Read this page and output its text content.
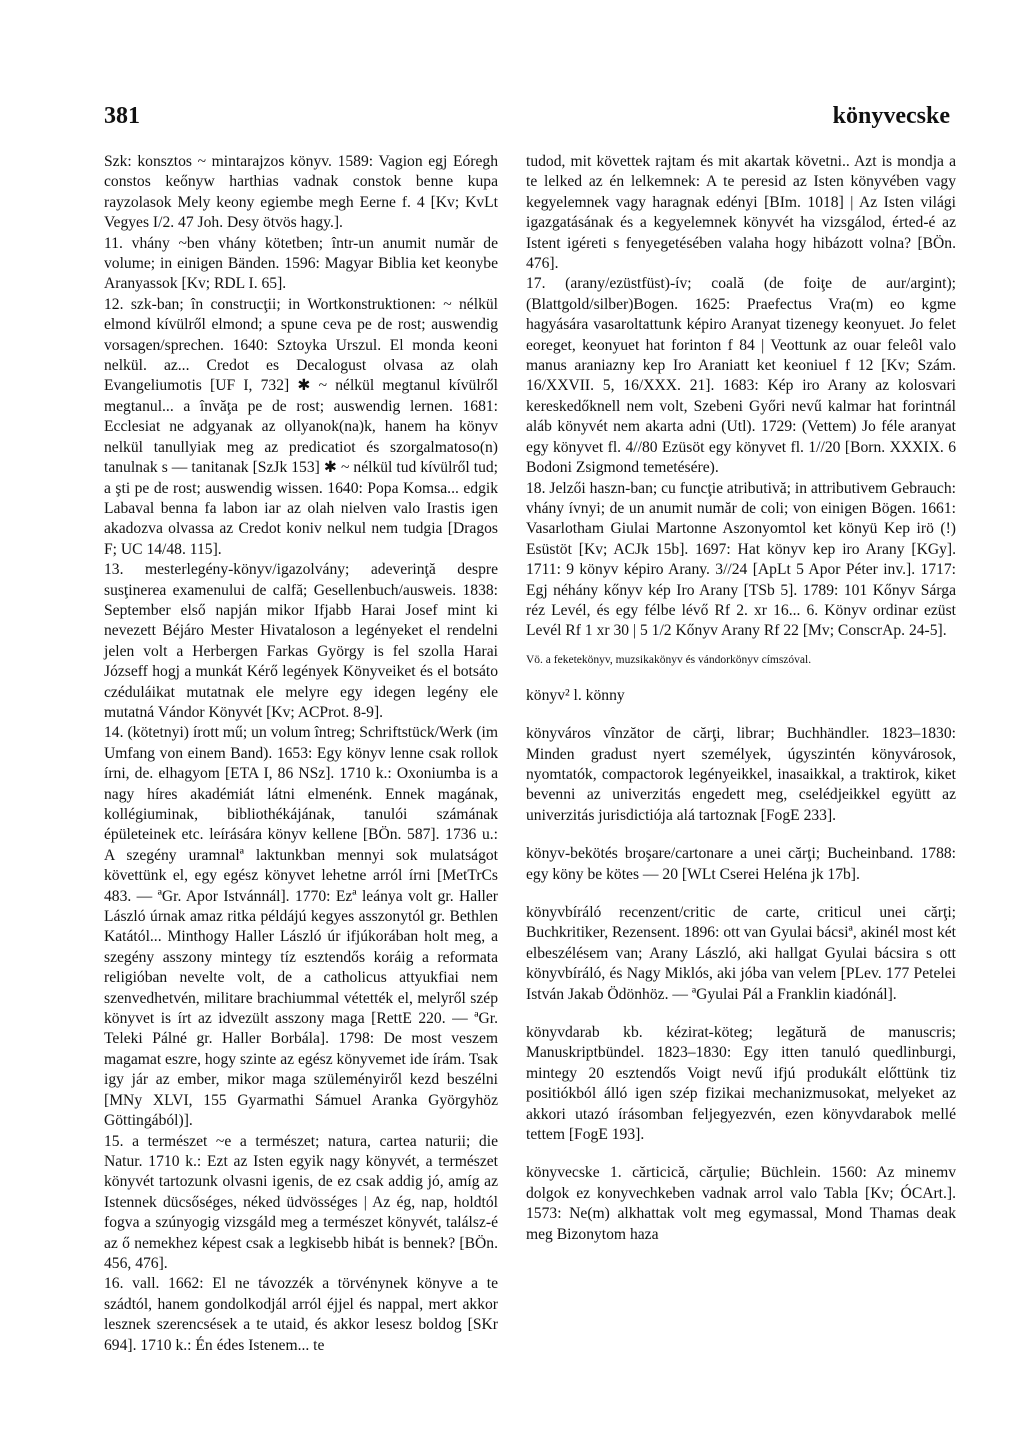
381	könyvecske

Szk: konsztos ~ mintarajzos könyv. 1589: Vagion egj Eóregh constos keőnyw harthias vadnak constok benne kupa rayzolasok Mely keony egiembe megh Eerne f. 4 [Kv; KvLt Vegyes I/2. 47 Joh. Desy ötvös hagy.].

11. vhány ~ben vhány kötetben; într-un anumit număr de volume; in einigen Bänden. 1596: Magyar Biblia ket keonybe Aranyassok [Kv; RDL I. 65].

12. szk-ban; în construcţii; in Wortkonstruktionen: ~ nélkül elmond kívülről elmond; a spune ceva pe de rost; auswendig vorsagen/sprechen. 1640: Sztoyka Urszul. El monda keoni nelkül. az... Credot es Decalogust olvasa az olah Evangeliumotis [UF I, 732] ✱ ~ nélkül megtanul kívülről megtanul... a învăţa pe de rost; auswendig lernen. 1681: Ecclesiat ne adgyanak az ollyanok(na)k, hanem ha könyv nelkül tanullyiak meg az predicatiot és szorgalmatoso(n) tanulnak s — tanitanak [SzJk 153] ✱ ~ nélkül tud kívülről tud; a şti pe de rost; auswendig wissen. 1640: Popa Komsa... edgik Labaval benna fa labon iar az olah nielven valo Irastis igen akadozva olvassa az Credot koniv nelkul nem tudgia [Dragos F; UC 14/48. 115].

13. mesterlegény-könyv/igazolvány; adeverinţă despre susţinerea examenului de calfă; Gesellenbuch/ausweis. 1838: September első napján mikor Ifjabb Harai Josef mint ki nevezett Béjáro Mester Hivataloson a legényeket el rendelni jelen volt a Herbergen Farkas György is fel szolla Harai Józseff hogj a munkát Kérő legények Könyveiket és el botsáto czéduláikat mutatnak ele melyre egy idegen legény ele mutatná Vándor Könyvét [Kv; ACProt. 8-9].

14. (kötetnyi) írott mű; un volum întreg; Schriftstück/Werk (im Umfang von einem Band). 1653: Egy könyv lenne csak rollok írni, de. elhagyom [ETA I, 86 NSz]. 1710 k.: Oxoniumba is a nagy híres akadémiát látni elmenénk. Ennek magának, kollégiuminak, bibliothékájának, tanulói számának épületeinek etc. leírására könyv kellene [BÖn. 587]. 1736 u.: A szegény uramnalª laktunkban mennyi sok mulatságot követtünk el, egy egész könyvet lehetne arról írni [MetTrCs 483. — ªGr. Apor Istvánnál]. 1770: Ezª leánya volt gr. Haller László úrnak amaz ritka példájú kegyes asszonytól gr. Bethlen Katától... Minthogy Haller László úr ifjúkorában holt meg, a szegény asszony mintegy tíz esztendős koráig a reformata religióban nevelte volt, de a catholicus attyukfiai nem szenvedhetvén, militare brachiummal vétették el, melyről szép könyvet is írt az idvezült asszony maga [RettE 220. — ªGr. Teleki Pálné gr. Haller Borbála]. 1798: De most veszem magamat eszre, hogy szinte az egész könyvemet ide írám. Tsak igy jár az ember, mikor maga szüleményiről kezd beszélni [MNy XLVI, 155 Gyarmathi Sámuel Aranka Györgyhöz Göttingából)].

15. a természet ~e a természet; natura, cartea naturii; die Natur. 1710 k.: Ezt az Isten egyik nagy könyvét, a természet könyvét tartozunk olvasni igenis, de ez csak addig jó, amíg az Istennek dücsőséges, néked üdvösséges | Az ég, nap, holdtól fogva a szúnyogig vizsgáld meg a természet könyvét, találsz-é az ő nemekhez képest csak a legkisebb hibát is bennek? [BÖn. 456, 476].

16. vall. 1662: El ne távozzék a törvénynek könyve a te szádtól, hanem gondolkodjál arról éjjel és nappal, mert akkor lesznek szerencsések a te utaid, és akkor lesesz boldog [SKr 694]. 1710 k.: Én édes Istenem... te

tudod, mit követtek rajtam és mit akartak követni.. Azt is mondja a te lelked az én lelkemnek: A te peresid az Isten könyvében vagy kegyelemnek vagy haragnak edényi [BIm. 1018] | Az Isten világi igazgatásának és a kegyelemnek könyvét ha vizsgálod, érted-é az Istent igéreti s fenyegetésében valaha hogy hibázott volna? [BÖn. 476].

17. (arany/ezüstfüst)-ív; coală (de foiţe de aur/argint); (Blattgold/silber)Bogen. 1625: Praefectus Vra(m) eo kgme hagyására vasaroltattunk képiro Aranyat tizenegy keonyuet. Jo felet eoreget, keonyuet hat forinton f 84 | Veottunk az ouar feleôl valo manus araniazny kep Iro Araniatt ket keoniuel f 12 [Kv; Szám. 16/XXVII. 5, 16/XXX. 21]. 1683: Kép iro Arany az kolosvari kereskedőknell nem volt, Szebeni Győri nevű kalmar hat forintnál aláb könyvét nem akarta adni (Utl). 1729: (Vettem) Jo féle aranyat egy könyvet fl. 4//80 Ezüsöt egy könyvet fl. 1//20 [Born. XXXIX. 6 Bodoni Zsigmond temetésére).

18. Jelzői haszn-ban; cu funcţie atributivă; in attributivem Gebrauch: vhány ívnyi; de un anumit număr de coli; von einigen Bögen. 1661: Vasarlotham Giulai Martonne Aszonyomtol ket könyü Kep irö (!) Esüstöt [Kv; ACJk 15b]. 1697: Hat könyv kep iro Arany [KGy]. 1711: 9 könyv képiro Arany. 3//24 [ApLt 5 Apor Péter inv.]. 1717: Egj néhány kőnyv kép Iro Arany [TSb 5]. 1789: 101 Kőnyv Sárga réz Levél, és egy félbe lévő Rf 2. xr 16... 6. Könyv ordinar ezüst Levél Rf 1 xr 30 | 5 1/2 Kőnyv Arany Rf 22 [Mv; ConscrAp. 24-5].

Vö. a feketekönyv, muzsikakönyv és vándorkönyv címszóval.

könyv² l. könny

könyváros vînzător de cărţi, librar; Buchhändler. 1823–1830: Minden gradust nyert személyek, úgyszintén könyvárosok, nyomtatók, compactorok legényeikkel, inasaikkal, a traktirok, kiket bevenni az univerzitás engedett meg, cselédjeikkel együtt az univerzitás jurisdictiója alá tartoznak [FogE 233].

könyv-bekötés broşare/cartonare a unei cărţi; Bucheinband. 1788: egy köny be kötes — 20 [WLt Cserei Heléna jk 17b].

könyvbíráló recenzent/critic de carte, criticul unei cărţi; Buchkritiker, Rezensent. 1896: ott van Gyulai bácsiª, akinél most két elbeszélésem van; Arany László, aki hallgat Gyulai bácsira s ott könyvbíráló, és Nagy Miklós, aki jóba van velem [PLev. 177 Petelei István Jakab Ödönhöz. — ªGyulai Pál a Franklin kiadónál].

könyvdarab kb. kézirat-köteg; legătură de manuscris; Manuskriptbündel. 1823–1830: Egy itten tanuló quedlinburgi, mintegy 20 esztendős Voigt nevű ifjú produkált előttünk tiz positiókból álló igen szép fizikai mechanizmusokat, melyeket az akkori utazó írásomban feljegyezvén, ezen könyvdarabok mellé tettem [FogE 193].

könyvecske 1. cărticică, cărţulie; Büchlein. 1560: Az minemv dolgok ez konyvechkeben vadnak arrol valo Tabla [Kv; ÓCArt.]. 1573: Ne(m) alkhattak volt meg egymassal, Mond Thamas deak meg Bizonytom haza
